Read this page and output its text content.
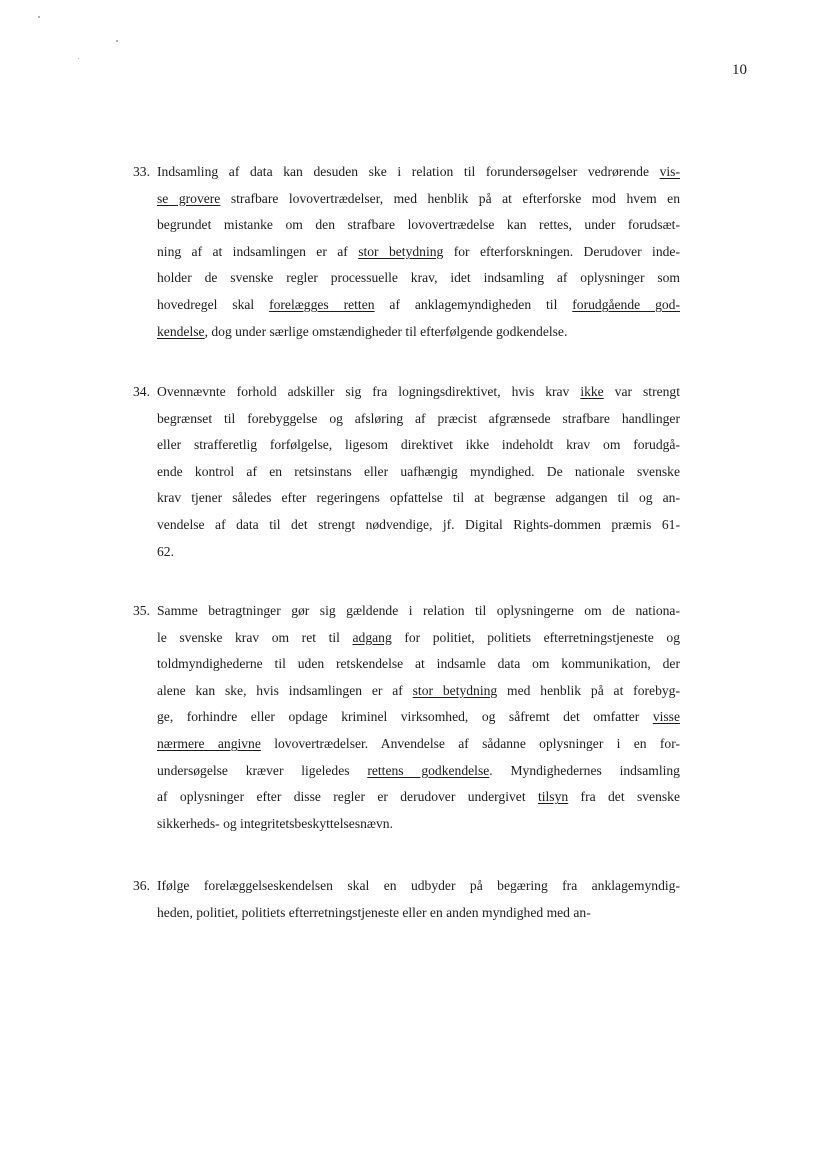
10
33. Indsamling af data kan desuden ske i relation til forundersøgelser vedrørende vis-
se grovere strafbare lovovertrædelser, med henblik på at efterforske mod hvem en
begrundet mistanke om den strafbare lovovertrædelse kan rettes, under forudsæt-
ning af at indsamlingen er af stor betydning for efterforskningen. Derudover inde-
holder de svenske regler processuelle krav, idet indsamling af oplysninger som
hovedregel skal forelægges retten af anklagemyndigheden til forudgående god-
kendelse, dog under særlige omstændigheder til efterfølgende godkendelse.
34. Ovennævnte forhold adskiller sig fra logningsdirektivet, hvis krav ikke var strengt
begrænset til forebyggelse og afsløring af præcist afgrænsede strafbare handlinger
eller strafferetlig forfølgelse, ligesom direktivet ikke indeholdt krav om forudgå-
ende kontrol af en retsinstans eller uafhængig myndighed. De nationale svenske
krav tjener således efter regeringens opfattelse til at begrænse adgangen til og an-
vendelse af data til det strengt nødvendige, jf. Digital Rights-dommen præmis 61-
62.
35. Samme betragtninger gør sig gældende i relation til oplysningerne om de nationa-
le svenske krav om ret til adgang for politiet, politiets efterretningstjeneste og
toldmyndighederne til uden retskendelse at indsamle data om kommunikation, der
alene kan ske, hvis indsamlingen er af stor betydning med henblik på at forebyg-
ge, forhindre eller opdage kriminel virksomhed, og såfremt det omfatter visse
nærmere angivne lovovertrædelser. Anvendelse af sådanne oplysninger i en for-
undersøgelse kræver ligeledes rettens godkendelse. Myndighedernes indsamling
af oplysninger efter disse regler er derudover undergivet tilsyn fra det svenske
sikkerheds- og integritetsbeskyttelsesnævn.
36. Ifølge forelæggelseskendelsen skal en udbyder på begæring fra anklagemyndig-
heden, politiet, politiets efterretningstjeneste eller en anden myndighed med an-
